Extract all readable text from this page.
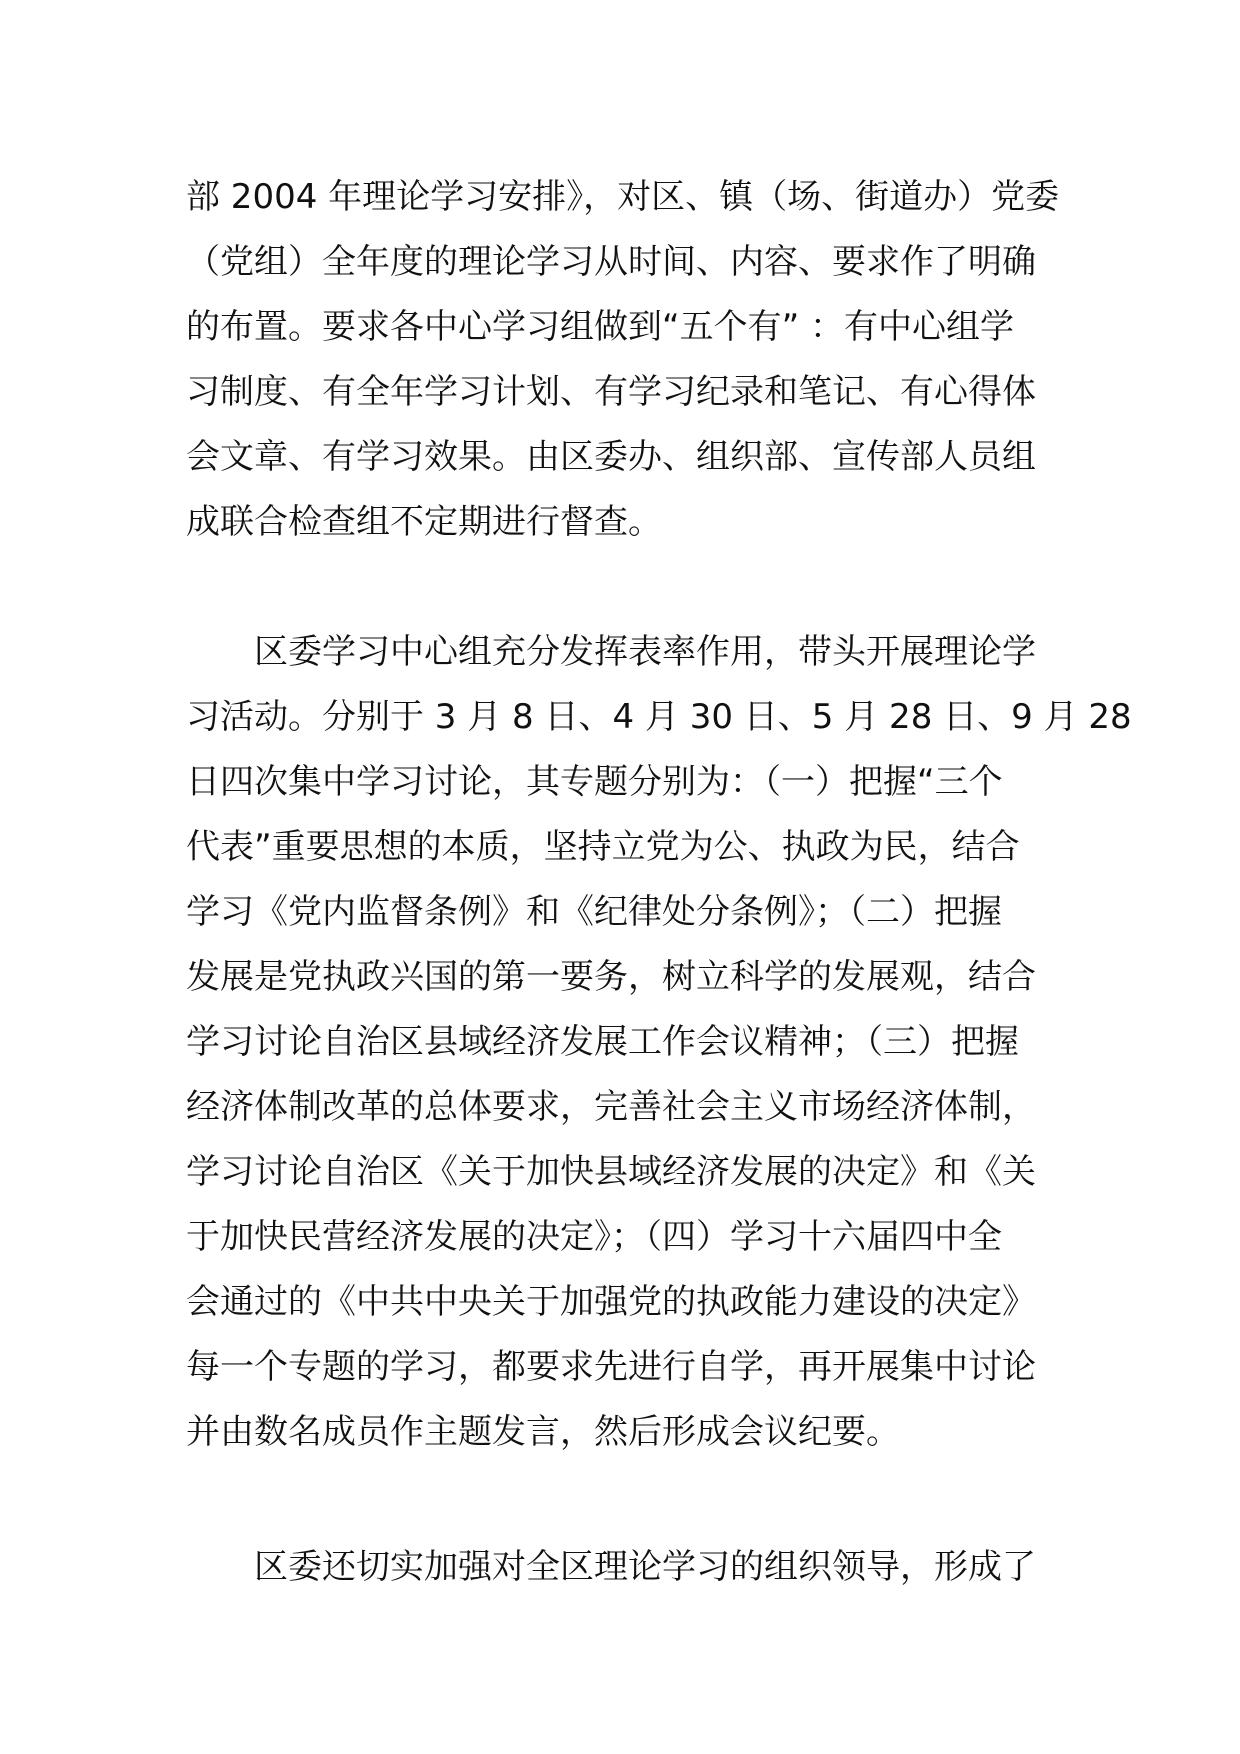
部 2004 年理论学习安排》，对区、镇（场、街道办）党委
（党组）全年度的理论学习从时间、内容、要求作了明确
的布置。要求各中心学习组做到“五个有” ：有中心组学
习制度、有全年学习计划、有学习纪录和笔记、有心得体
会文章、有学习效果。由区委办、组织部、宣传部人员组
成联合检查组不定期进行督查。
区委学习中心组充分发挥表率作用，带头开展理论学
习活动。分别于 3 月 8 日、4 月 30 日、5 月 28 日、9 月 28
日四次集中学习讨论，其专题分别为：（一）把握“三个
代表”重要思想的本质，坚持立党为公、执政为民，结合
学习《党内监督条例》和《纪律处分条例》；（二）把握
发展是党执政兴国的第一要务，树立科学的发展观，结合
学习讨论自治区县域经济发展工作会议精神；（三）把握
经济体制改革的总体要求，完善社会主义市场经济体制，
学习讨论自治区《关于加快县域经济发展的决定》和《关
于加快民营经济发展的决定》；（四）学习十六届四中全
会通过的《中共中央关于加强党的执政能力建设的决定》
每一个专题的学习，都要求先进行自学，再开展集中讨论
并由数名成员作主题发言，然后形成会议纪要。
区委还切实加强对全区理论学习的组织领导，形成了
